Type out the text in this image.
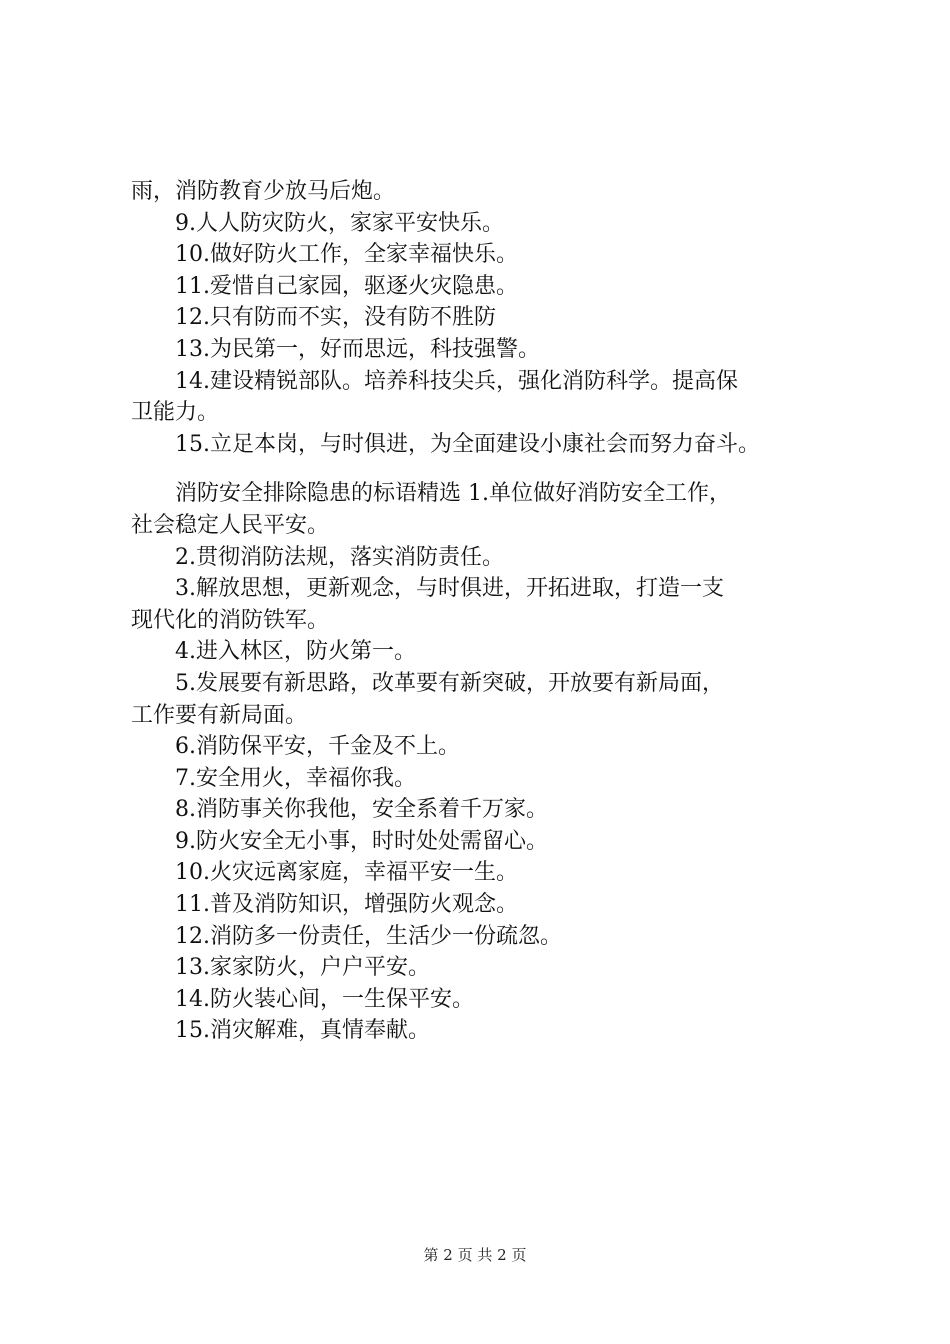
雨，消防教育少放马后炮。
9.人人防灾防火，家家平安快乐。
10.做好防火工作，全家幸福快乐。
11.爱惜自己家园，驱逐火灾隐患。
12.只有防而不实，没有防不胜防
13.为民第一，好而思远，科技强警。
14.建设精锐部队。培养科技尖兵，强化消防科学。提高保
卫能力。
15.立足本岗，与时俱进，为全面建设小康社会而努力奋斗。
消防安全排除隐患的标语精选 1.单位做好消防安全工作，
社会稳定人民平安。
2.贯彻消防法规，落实消防责任。
3.解放思想，更新观念，与时俱进，开拓进取，打造一支
现代化的消防铁军。
4.进入林区，防火第一。
5.发展要有新思路，改革要有新突破，开放要有新局面，
工作要有新局面。
6.消防保平安，千金及不上。
7.安全用火，幸福你我。
8.消防事关你我他，安全系着千万家。
9.防火安全无小事，时时处处需留心。
10.火灾远离家庭，幸福平安一生。
11.普及消防知识，增强防火观念。
12.消防多一份责任，生活少一份疏忽。
13.家家防火，户户平安。
14.防火装心间，一生保平安。
15.消灾解难，真情奉献。
第 2 页 共 2 页
